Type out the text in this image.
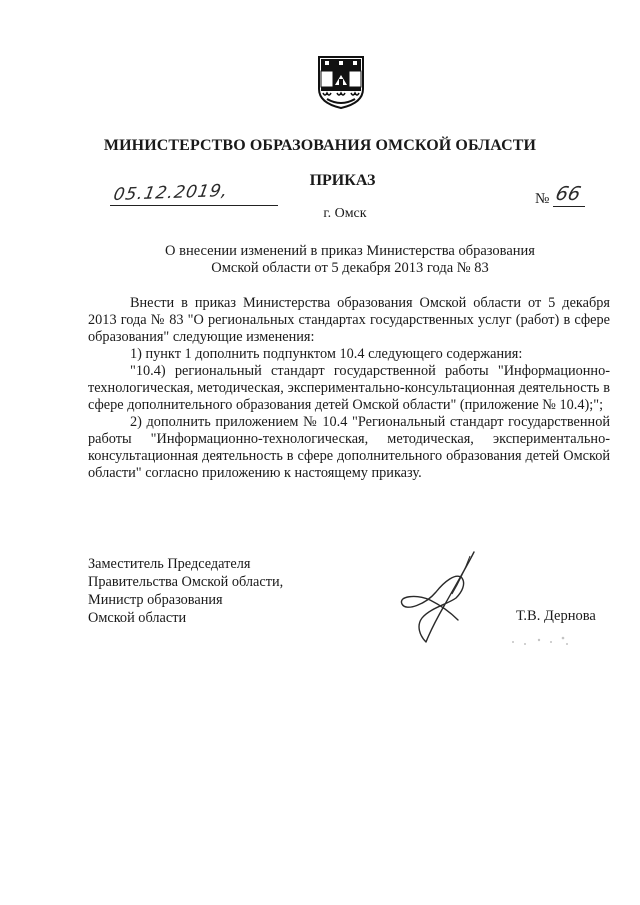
МИНИСТЕРСТВО ОБРАЗОВАНИЯ ОМСКОЙ ОБЛАСТИ
ПРИКАЗ
05.12.2019,	№ 66
г. Омск
О внесении изменений в приказ Министерства образования
Омской области от 5 декабря 2013 года № 83

Внести в приказ Министерства образования Омской области от 5 декабря 2013 года № 83 "О региональных стандартах государственных услуг (работ) в сфере образования" следующие изменения:

1) пункт 1 дополнить подпунктом 10.4 следующего содержания:

"10.4) региональный стандарт государственной работы "Информационно-технологическая, методическая, экспериментально-консультационная деятельность в сфере дополнительного образования детей Омской области" (приложение № 10.4);";

2) дополнить приложением № 10.4 "Региональный стандарт государственной работы "Информационно-технологическая, методическая, экспериментально-консультационная деятельность в сфере дополнительного образования детей Омской области" согласно приложению к настоящему приказу.

Заместитель Председателя
Правительства Омской области,
Министр образования
Омской области	Т.В. Дернова
